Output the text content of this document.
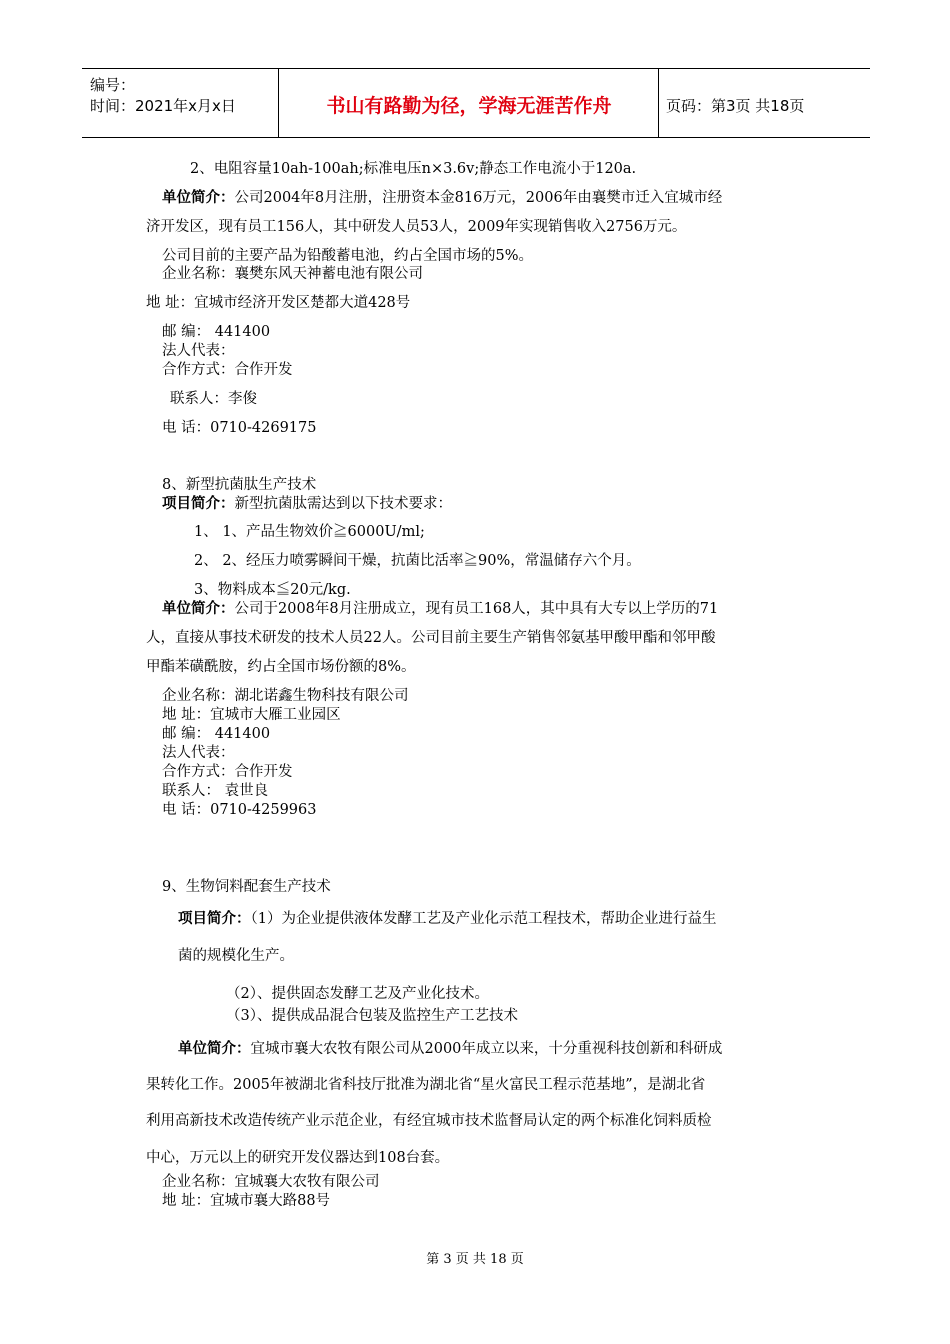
编号：
时间：2021年x月x日	书山有路勤为径，学海无涯苦作舟	页码：第3页 共18页
2、电阻容量10ah-100ah;标准电压n×3.6v;静态工作电流小于120a.
单位简介：公司2004年8月注册，注册资本金816万元，2006年由襄樊市迁入宜城市经
济开发区，现有员工156人，其中研发人员53人，2009年实现销售收入2756万元。
公司目前的主要产品为铅酸蓄电池，约占全国市场的5%。
企业名称：襄樊东风天神蓄电池有限公司
地 址：宜城市经济开发区楚都大道428号
邮 编： 441400
法人代表：
合作方式：合作开发
联系人：李俊
电 话：0710-4269175
8、新型抗菌肽生产技术
项目简介：新型抗菌肽需达到以下技术要求：
1、 1、产品生物效价≧6000U/ml;
2、 2、经压力喷雾瞬间干燥，抗菌比活率≧90%，常温储存六个月。
3、物料成本≦20元/kg.
单位简介：公司于2008年8月注册成立，现有员工168人，其中具有大专以上学历的71
人，直接从事技术研发的技术人员22人。公司目前主要生产销售邻氨基甲酸甲酯和邻甲酸
甲酯苯磺酰胺，约占全国市场份额的8%。
企业名称：湖北诺鑫生物科技有限公司
地 址：宜城市大雁工业园区
邮 编： 441400
法人代表：
合作方式：合作开发
联系人： 袁世良
电 话：0710-4259963
9、生物饲料配套生产技术
项目简介：（1）为企业提供液体发酵工艺及产业化示范工程技术，帮助企业进行益生
菌的规模化生产。
（2）、提供固态发酵工艺及产业化技术。
（3）、提供成品混合包装及监控生产工艺技术
单位简介：宜城市襄大农牧有限公司从2000年成立以来，十分重视科技创新和科研成
果转化工作。2005年被湖北省科技厅批准为湖北省“星火富民工程示范基地”，是湖北省
利用高新技术改造传统产业示范企业，有经宜城市技术监督局认定的两个标准化饲料质检
中心，万元以上的研究开发仪器达到108台套。
企业名称：宜城襄大农牧有限公司
地 址：宜城市襄大路88号
第 3 页 共 18 页
